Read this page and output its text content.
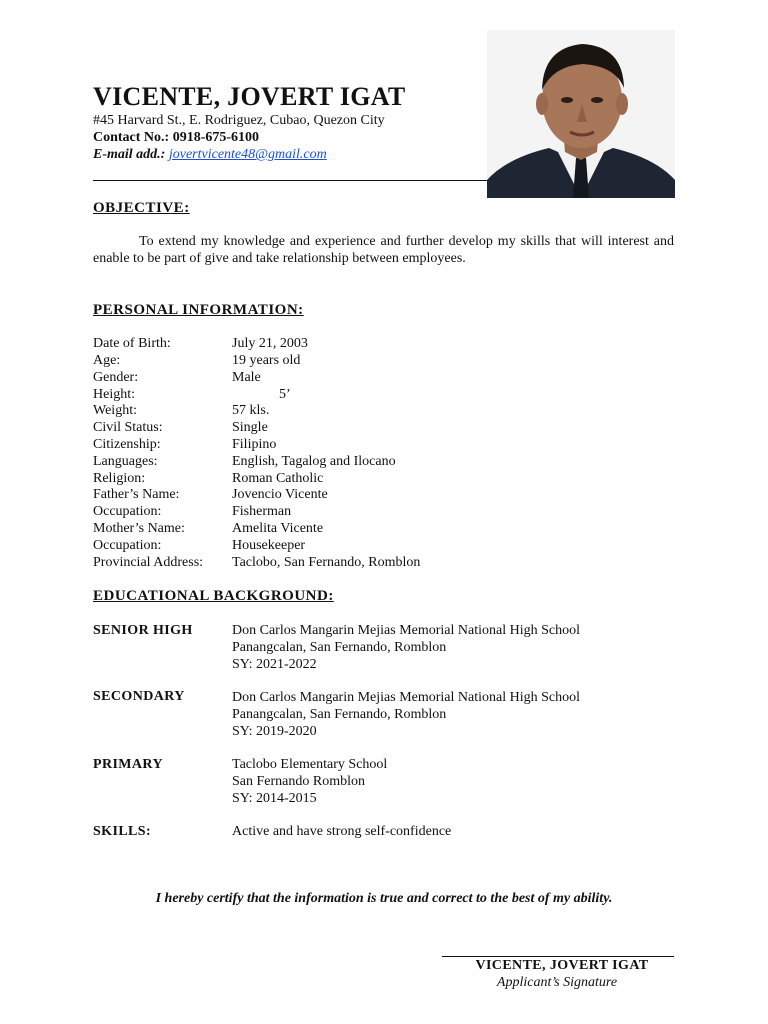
VICENTE, JOVERT IGAT
#45 Harvard St., E. Rodriguez, Cubao, Quezon City
Contact No.: 0918-675-6100
E-mail add.: jovertvicente48@gmail.com
OBJECTIVE:
To extend my knowledge and experience and further develop my skills that will interest and enable to be part of give and take relationship between employees.
PERSONAL INFORMATION:
Date of Birth:	July 21, 2003
Age:	19 years old
Gender:	Male
Height:	5’
Weight:	57 kls.
Civil Status:	Single
Citizenship:	Filipino
Languages:	English, Tagalog and Ilocano
Religion:	Roman Catholic
Father’s Name:	Jovencio Vicente
Occupation:	Fisherman
Mother’s Name:	Amelita Vicente
Occupation:	Housekeeper
Provincial Address: Taclobo, San Fernando, Romblon
EDUCATIONAL BACKGROUND:
SENIOR HIGH	Don Carlos Mangarin Mejias Memorial National High School
Panangcalan, San Fernando, Romblon
SY: 2021-2022
SECONDARY	Don Carlos Mangarin Mejias Memorial National High School
Panangcalan, San Fernando, Romblon
SY: 2019-2020
PRIMARY	Taclobo Elementary School
San Fernando Romblon
SY: 2014-2015
SKILLS:	Active and have strong self-confidence
I hereby certify that the information is true and correct to the best of my ability.
VICENTE, JOVERT IGAT
Applicant’s Signature
